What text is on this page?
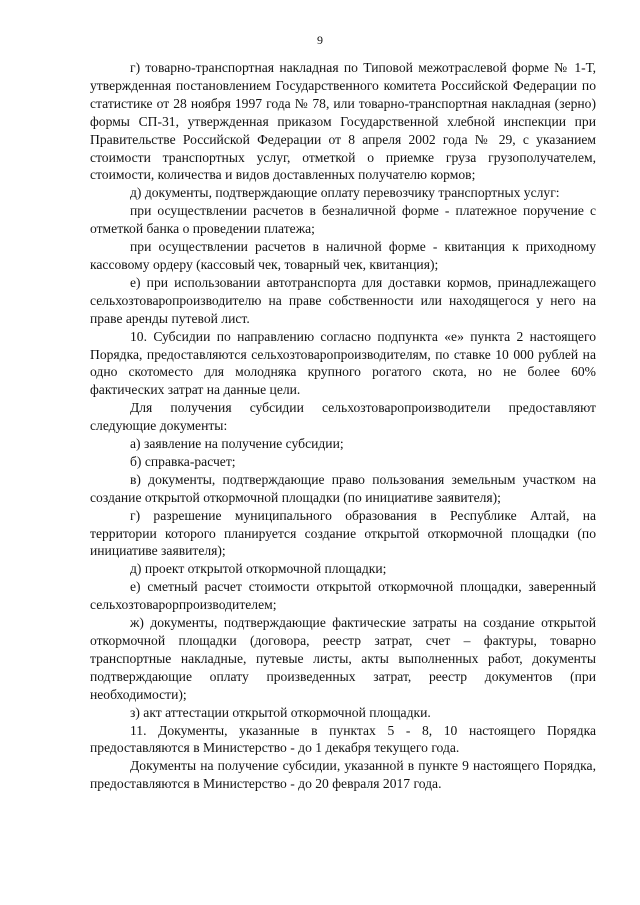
9

г) товарно-транспортная накладная по Типовой межотраслевой форме № 1-Т, утвержденная постановлением Государственного комитета Российской Федерации по статистике от 28 ноября 1997 года № 78, или товарно-транспортная накладная (зерно) формы СП-31, утвержденная приказом Государственной хлебной инспекции при Правительстве Российской Федерации от 8 апреля 2002 года № 29, с указанием стоимости транспортных услуг, отметкой о приемке груза грузополучателем, стоимости, количества и видов доставленных получателю кормов;

д) документы, подтверждающие оплату перевозчику транспортных услуг:

при осуществлении расчетов в безналичной форме - платежное поручение с отметкой банка о проведении платежа;

при осуществлении расчетов в наличной форме - квитанция к приходному кассовому ордеру (кассовый чек, товарный чек, квитанция);

е) при использовании автотранспорта для доставки кормов, принадлежащего сельхозтоваропроизводителю на праве собственности или находящегося у него на праве аренды путевой лист.

10. Субсидии по направлению согласно подпункта «е» пункта 2 настоящего Порядка, предоставляются сельхозтоваропроизводителям, по ставке 10 000 рублей на одно скотоместо для молодняка крупного рогатого скота, но не более 60% фактических затрат на данные цели.

Для получения субсидии сельхозтоваропроизводители предоставляют следующие документы:

а) заявление на получение субсидии;

б) справка-расчет;

в) документы, подтверждающие право пользования земельным участком на создание открытой откормочной площадки (по инициативе заявителя);

г) разрешение муниципального образования в Республике Алтай, на территории которого планируется создание открытой откормочной площадки (по инициативе заявителя);

д) проект открытой откормочной площадки;

е) сметный расчет стоимости открытой откормочной площадки, заверенный сельхозтоварорпроизводителем;

ж) документы, подтверждающие фактические затраты на создание открытой откормочной площадки (договора, реестр затрат, счет – фактуры, товарно транспортные накладные, путевые листы, акты выполненных работ, документы подтверждающие оплату произведенных затрат, реестр документов (при необходимости);

з) акт аттестации открытой откормочной площадки.

11. Документы, указанные в пунктах 5 - 8, 10 настоящего Порядка предоставляются в Министерство - до 1 декабря текущего года.

Документы на получение субсидии, указанной в пункте 9 настоящего Порядка, предоставляются в Министерство - до 20 февраля 2017 года.
